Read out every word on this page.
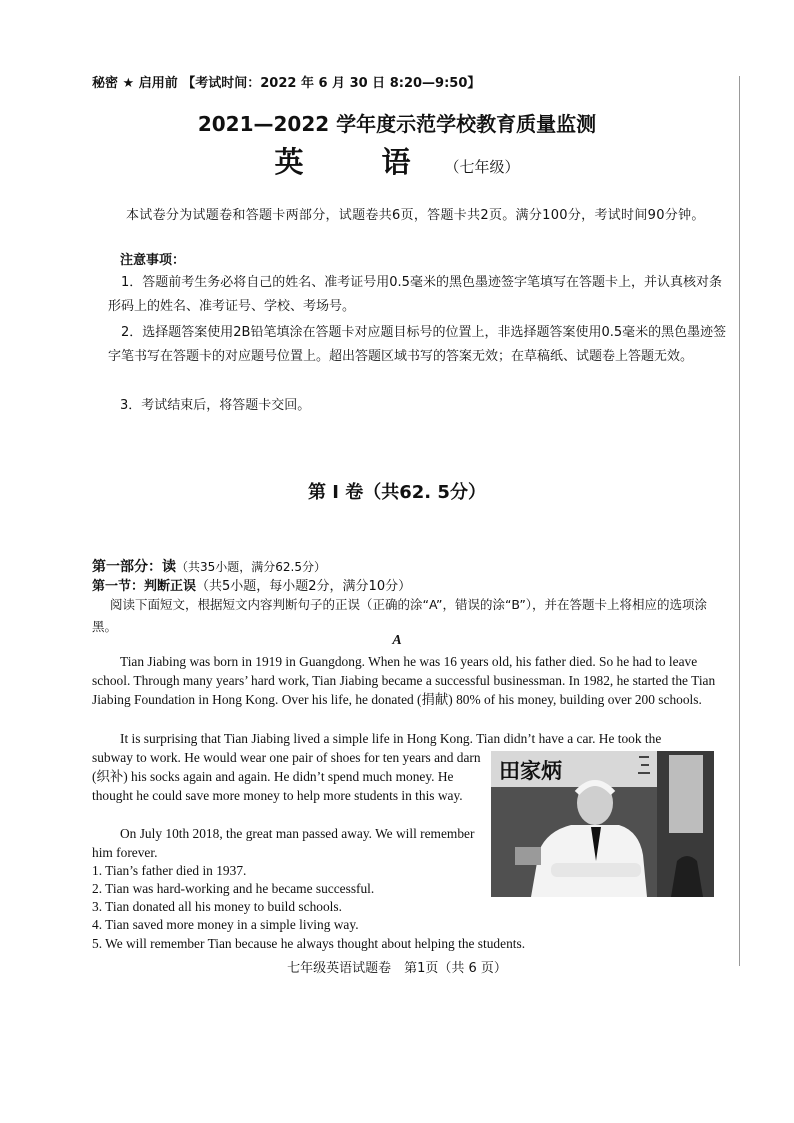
秘密 ★ 启用前 【考试时间：2022 年 6 月 30 日 8:20—9:50】

2021—2022 学年度示范学校教育质量监测

英 语（七年级）

本试卷分为试题卷和答题卡两部分，试题卷共6页，答题卡共2页。满分100分，考试时间90分钟。

注意事项：

1．答题前考生务必将自己的姓名、准考证号用0.5毫米的黑色墨迹签字笔填写在答题卡上，并认真核对条形码上的姓名、准考证号、学校、考场号。

2．选择题答案使用2B铅笔填涂在答题卡对应题目标号的位置上，非选择题答案使用0.5毫米的黑色墨迹签字笔书写在答题卡的对应题号位置上。超出答题区域书写的答案无效；在草稿纸、试题卷上答题无效。

3．考试结束后，将答题卡交回。

第 Ⅰ 卷（共62. 5分）

第一部分：读（共35小题，满分62.5分）

第一节：判断正误（共5小题，每小题2分，满分10分）

阅读下面短文，根据短文内容判断句子的正误（正确的涂“A”，错误的涂“B”），并在答题卡上将相应的选项涂黑。

A

Tian Jiabing was born in 1919 in Guangdong. When he was 16 years old, his father died. So he had to leave school. Through many years’ hard work, Tian Jiabing became a successful businessman. In 1982, he started the Tian Jiabing Foundation in Hong Kong. Over his life, he donated (捐献) 80% of his money, building over 200 schools.

It is surprising that Tian Jiabing lived a simple life in Hong Kong. Tian didn’t have a car. He took the

subway to work. He would wear one pair of shoes for ten years and darn (织补) his socks again and again. He didn’t spend much money. He thought he could save more money to help more students in this way.

On July 10th 2018, the great man passed away. We will remember him forever.

田家炳

1. Tian’s father died in 1937.

2. Tian was hard-working and he became successful.

3. Tian donated all his money to build schools.

4. Tian saved more money in a simple living way.

5. We will remember Tian because he always thought about helping the students.

七年级英语试题卷　第1页（共 6 页）
